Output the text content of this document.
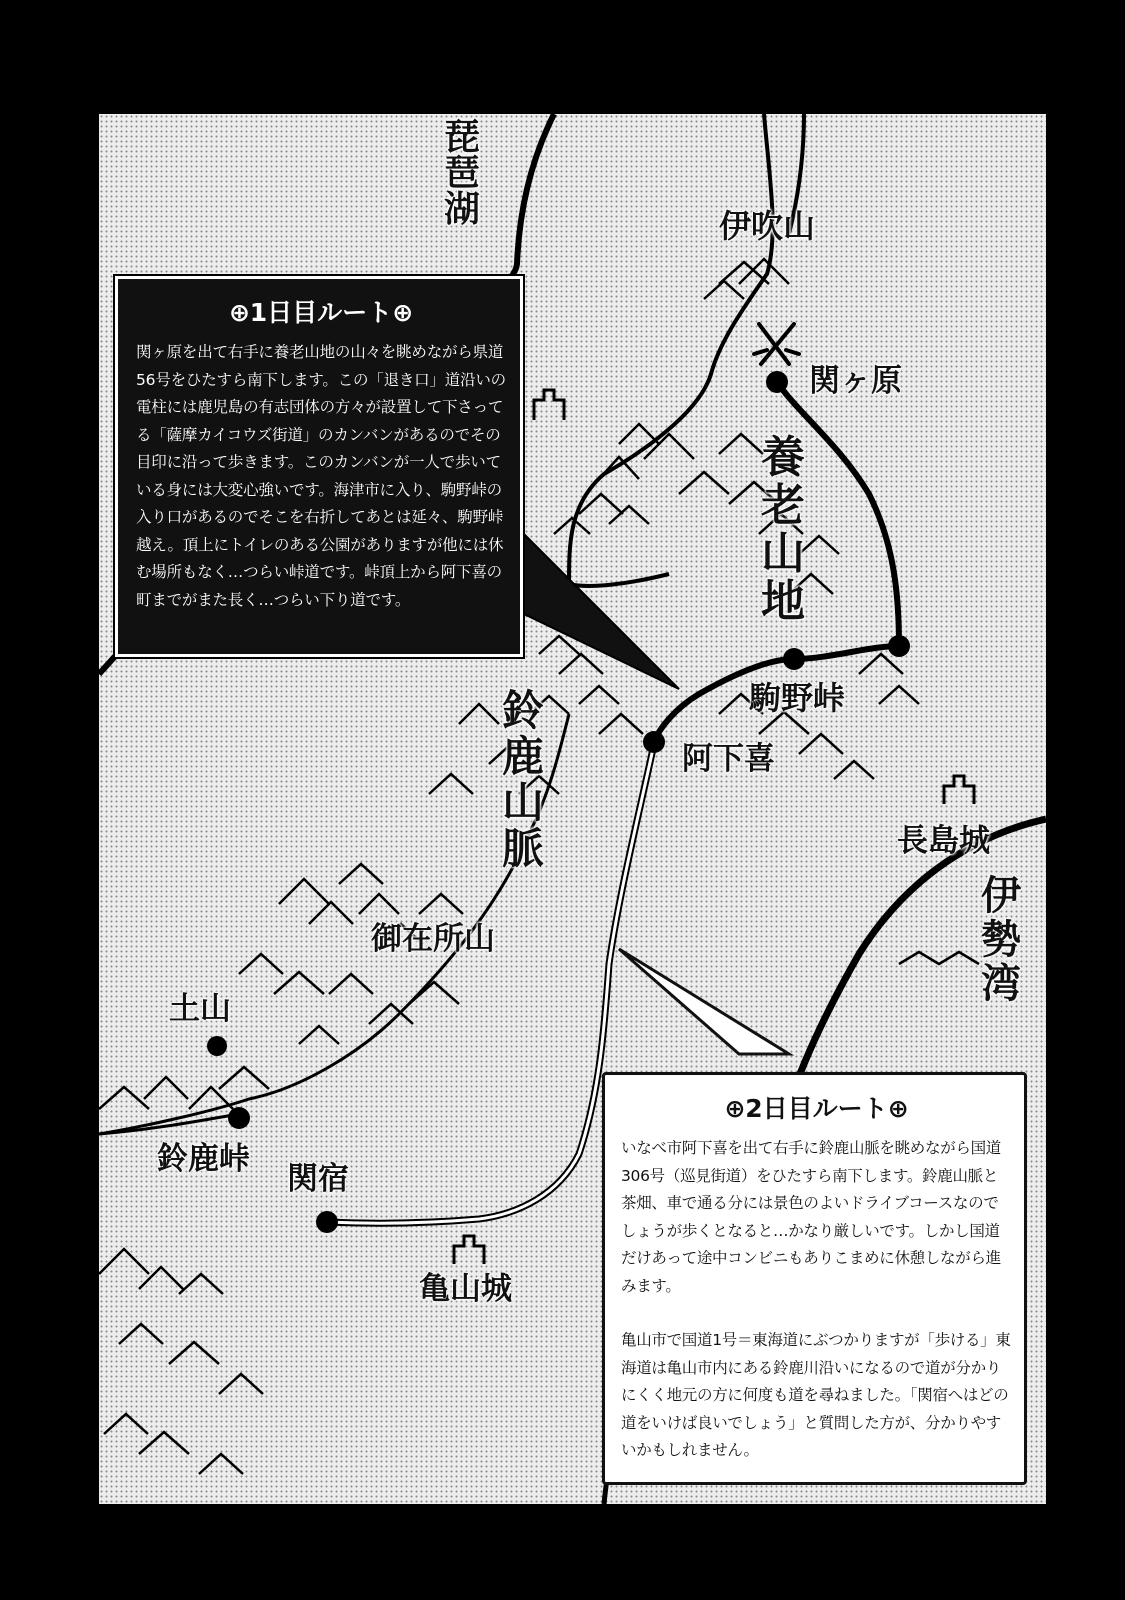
琵
琶
湖	伊吹山
関ヶ原
養
老
山
地
駒野峠
阿下喜
鈴
鹿
山
脈	長島城
伊
勢
湾
御在所山
土山
鈴鹿峠
関宿
亀山城
⊕1日目ルート⊕

関ヶ原を出て右手に養老山地の山々を眺めながら県道56号をひたすら南下します。この「退き口」道沿いの電柱には鹿児島の有志団体の方々が設置して下さってる「薩摩カイコウズ街道」のカンバンがあるのでその目印に沿って歩きます。このカンバンが一人で歩いている身には大変心強いです。海津市に入り、駒野峠の入り口があるのでそこを右折してあとは延々、駒野峠越え。頂上にトイレのある公園がありますが他には休む場所もなく…つらい峠道です。峠頂上から阿下喜の町までがまた長く…つらい下り道です。

⊕2日目ルート⊕

いなべ市阿下喜を出て右手に鈴鹿山脈を眺めながら国道306号（巡見街道）をひたすら南下します。鈴鹿山脈と茶畑、車で通る分には景色のよいドライブコースなのでしょうが歩くとなると…かなり厳しいです。しかし国道だけあって途中コンビニもありこまめに休憩しながら進みます。

亀山市で国道1号＝東海道にぶつかりますが「歩ける」東海道は亀山市内にある鈴鹿川沿いになるので道が分かりにくく地元の方に何度も道を尋ねました。「関宿へはどの道をいけば良いでしょう」と質問した方が、分かりやすいかもしれません。
